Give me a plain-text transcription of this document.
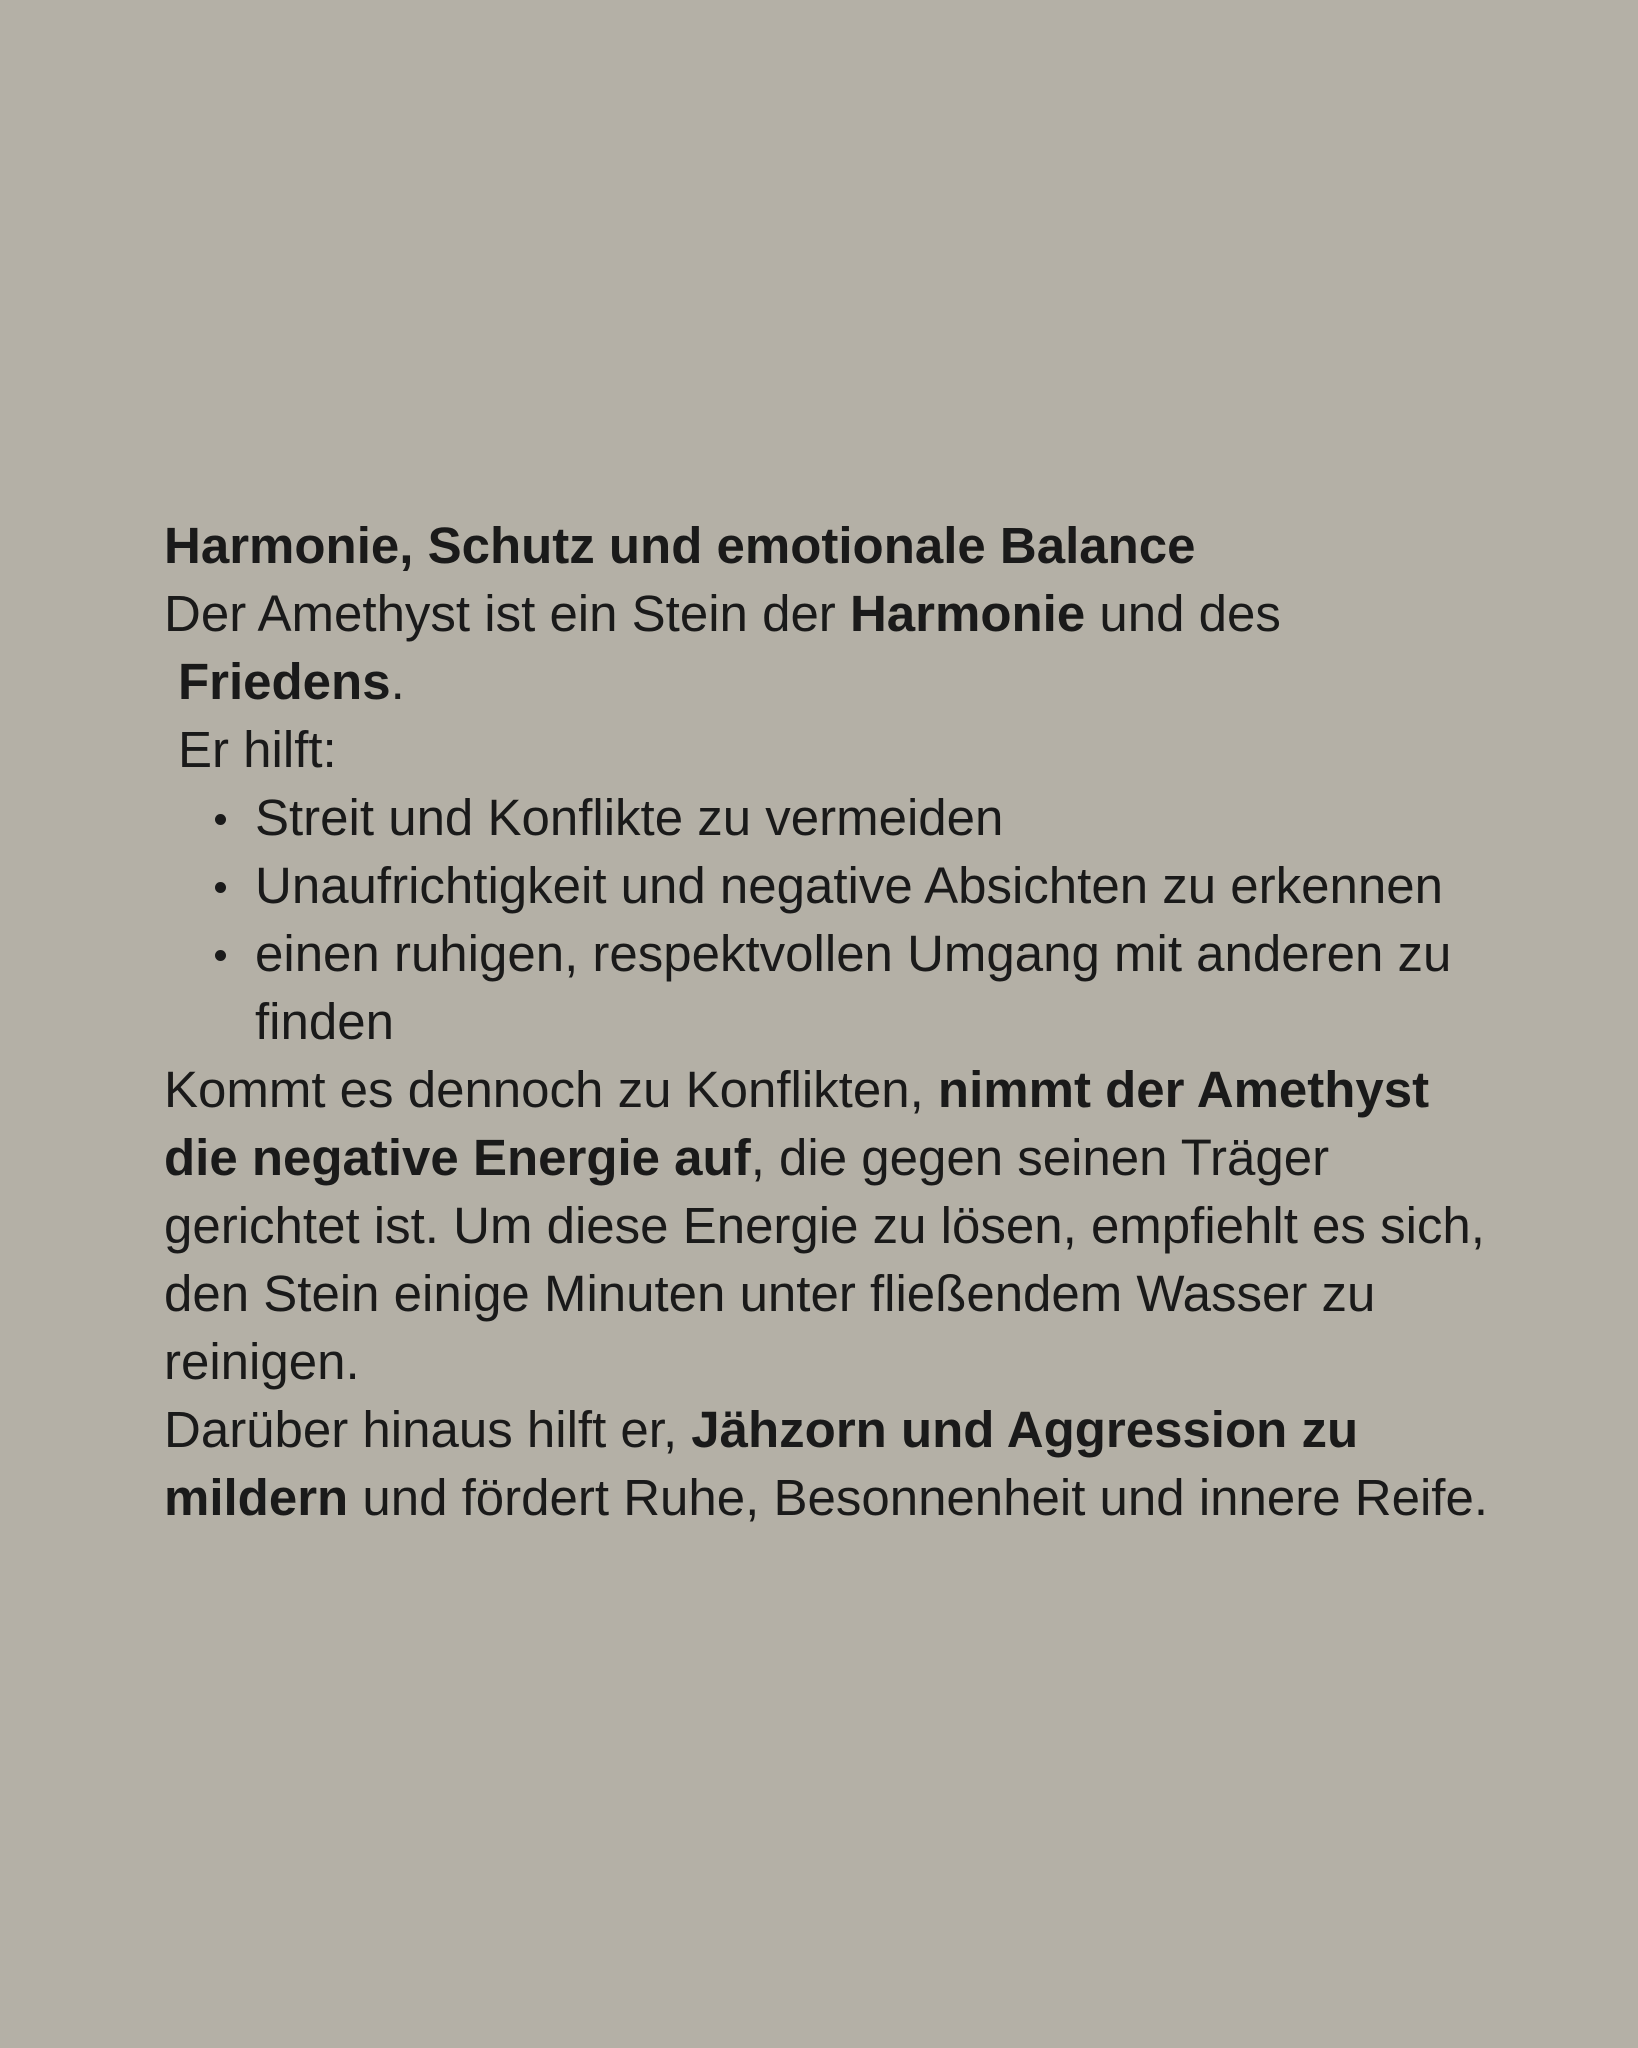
Harmonie, Schutz und emotionale Balance

Der Amethyst ist ein Stein der Harmonie und des

Friedens.

Er hilft:

Streit und Konflikte zu vermeiden
Unaufrichtigkeit und negative Absichten zu erkennen
einen ruhigen, respektvollen Umgang mit anderen zu finden

Kommt es dennoch zu Konflikten, nimmt der Amethyst die negative Energie auf, die gegen seinen Träger gerichtet ist. Um diese Energie zu lösen, empfiehlt es sich, den Stein einige Minuten unter fließendem Wasser zu reinigen.

Darüber hinaus hilft er, Jähzorn und Aggression zu mildern und fördert Ruhe, Besonnenheit und innere Reife.
